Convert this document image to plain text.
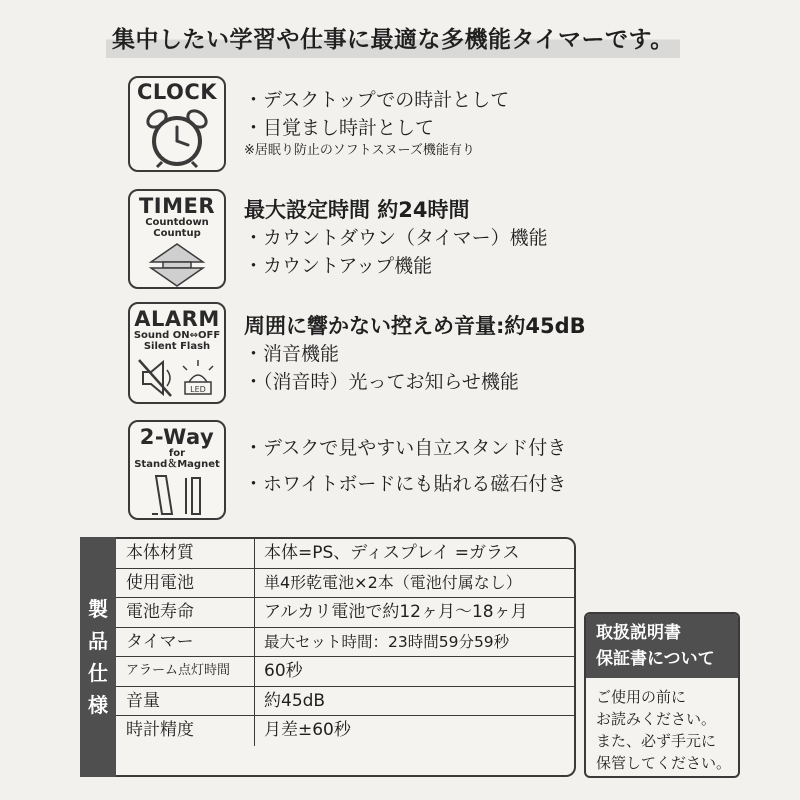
集中したい学習や仕事に最適な多機能タイマーです。
CLOCK	・デスクトップでの時計として
・目覚まし時計として
※居眠り防止のソフトスヌーズ機能有り
TIMER
Countdown
Countup
最大設定時間 約24時間
・カウントダウン（タイマー）機能
・カウントアップ機能
ALARM
Sound ON⇔OFF
Silent Flash
LED
周囲に響かない控えめ音量:約45dB
・消音機能
・（消音時）光ってお知らせ機能
2-Way
for
Stand＆Magnet
・デスクで見やすい自立スタンド付き
・ホワイトボードにも貼れる磁石付き
製
品
仕
様
本体材質	本体=PS、ディスプレイ =ガラス
使用電池	単4形乾電池×2本（電池付属なし）
電池寿命	アルカリ電池で約12ヶ月〜18ヶ月
タイマー	最大セット時間：23時間59分59秒
アラーム点灯時間	60秒
音量	約45dB
時計精度	月差±60秒
取扱説明書
保証書について
ご使用の前に
お読みください。
また、必ず手元に
保管してください。
